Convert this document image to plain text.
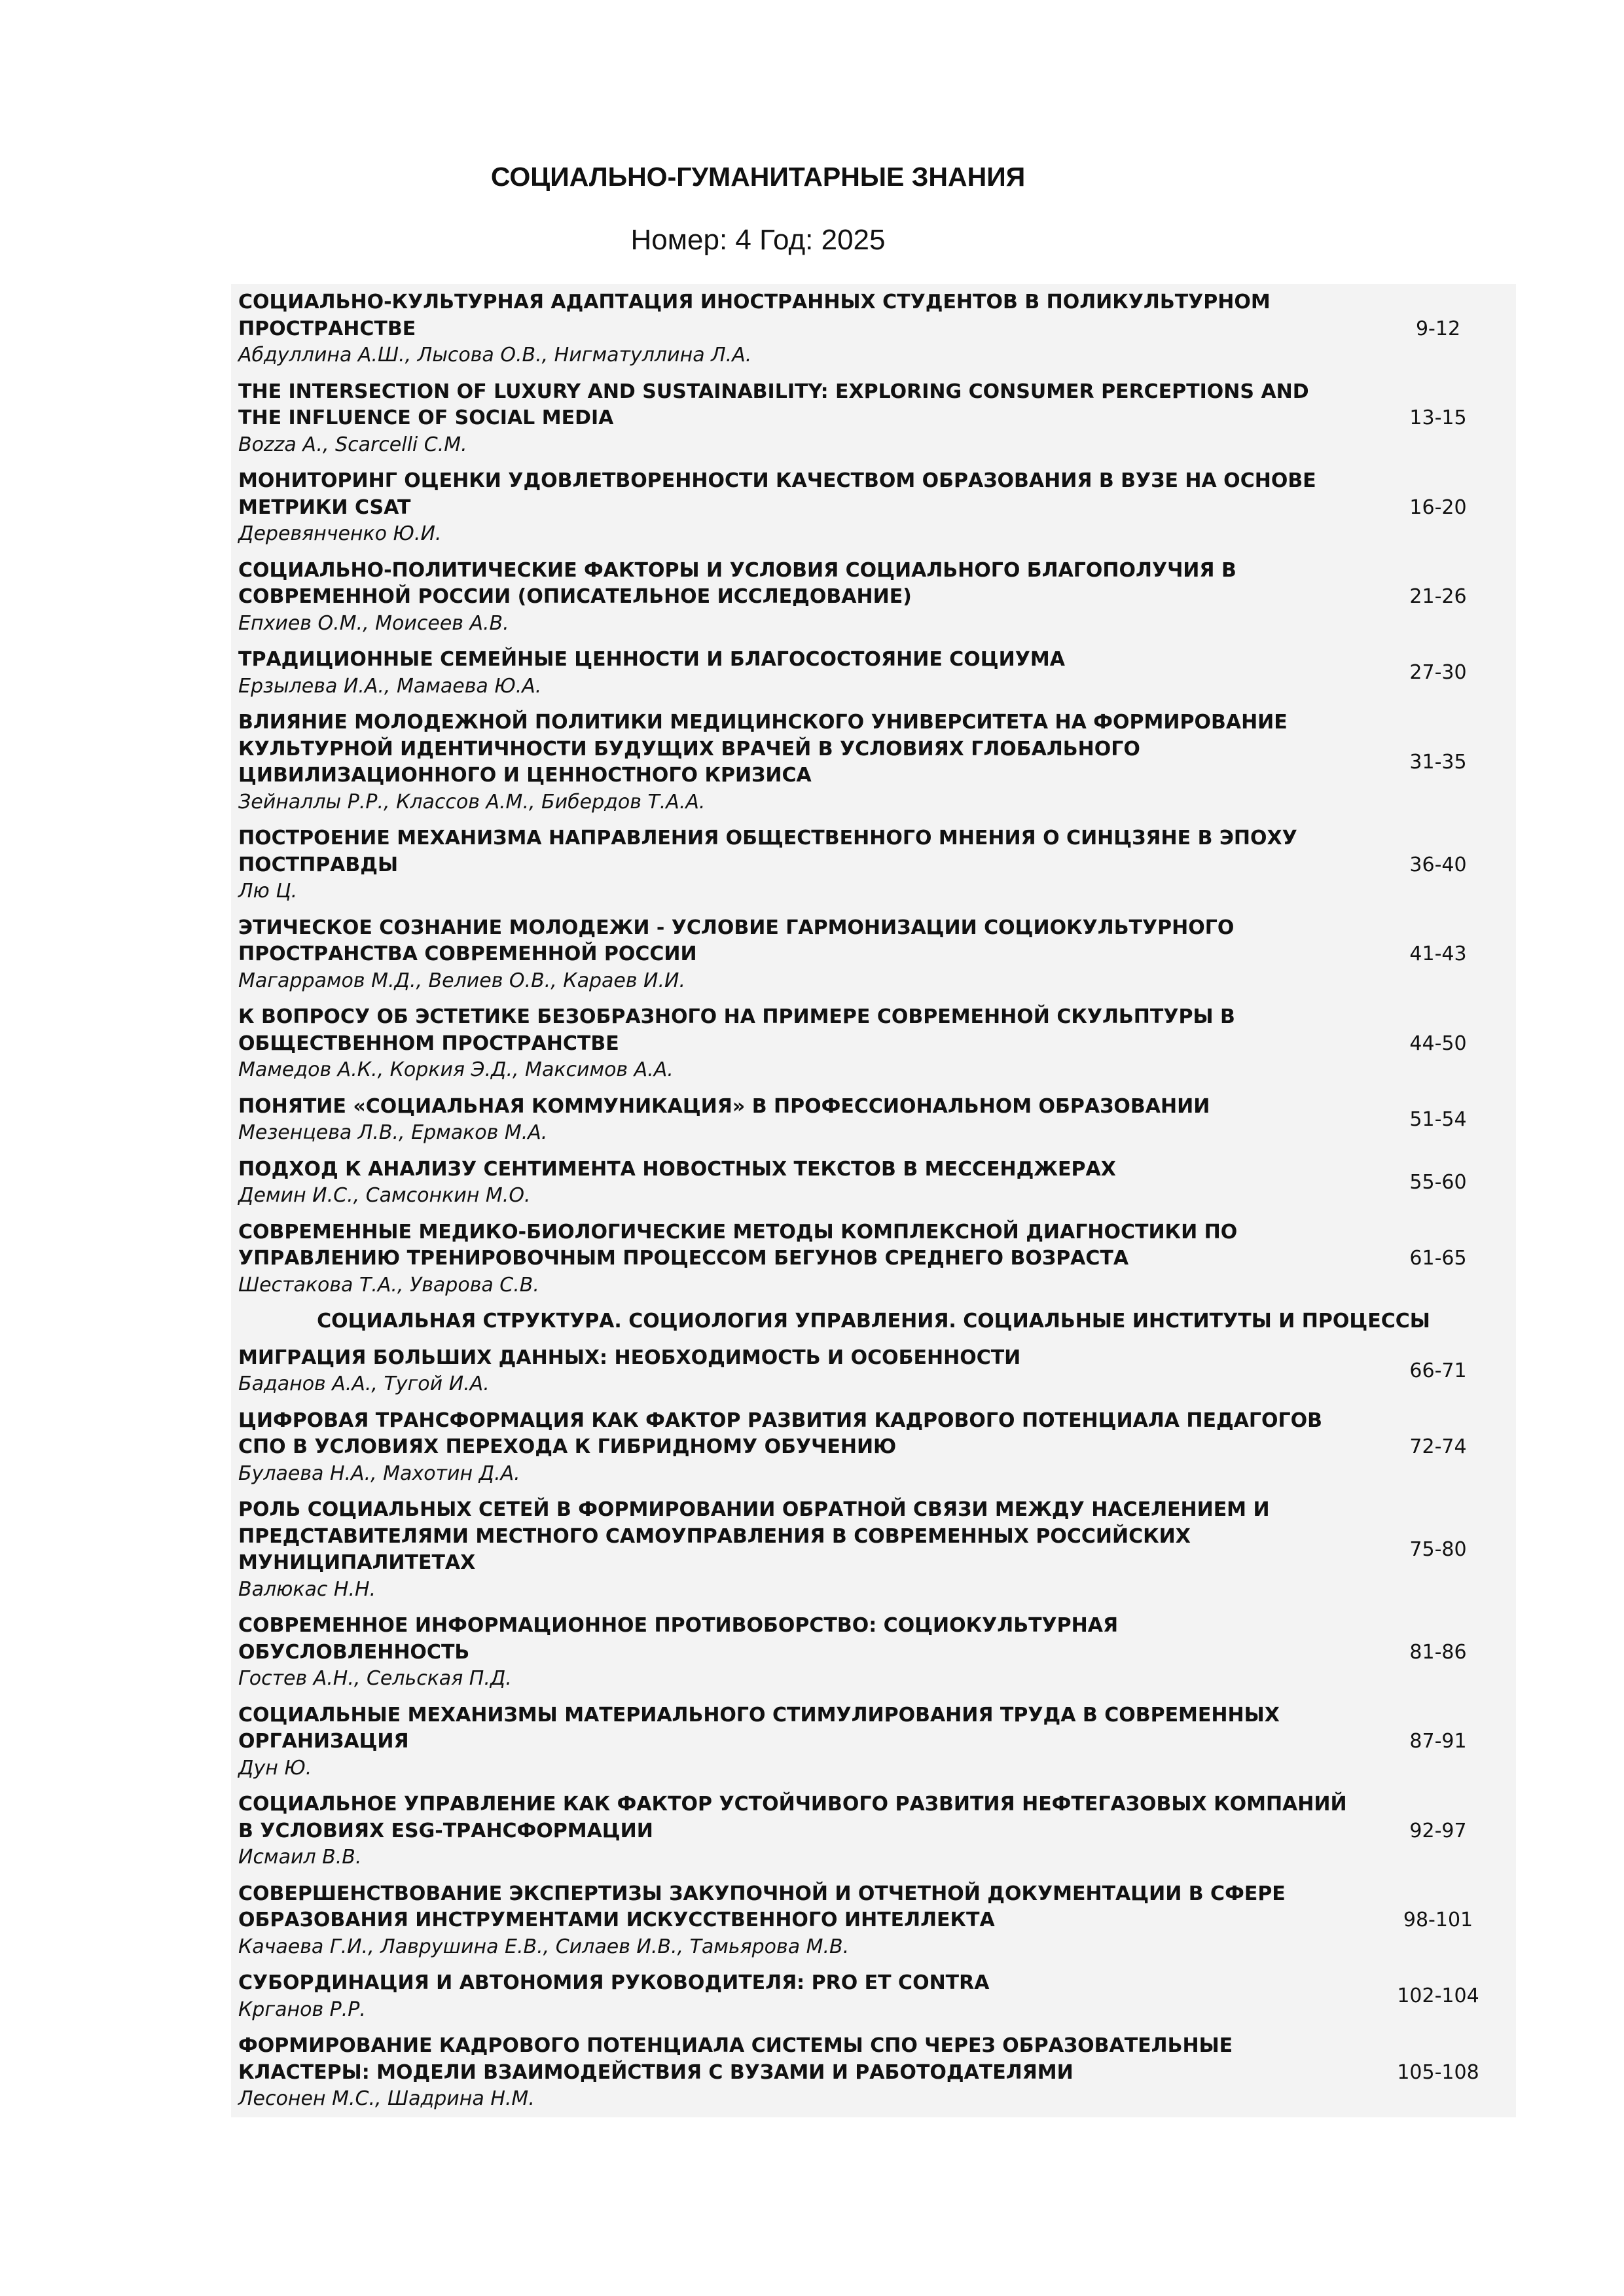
СОЦИАЛЬНО-ГУМАНИТАРНЫЕ ЗНАНИЯ
Номер: 4 Год: 2025
СОЦИАЛЬНО-КУЛЬТУРНАЯ АДАПТАЦИЯ ИНОСТРАННЫХ СТУДЕНТОВ В ПОЛИКУЛЬТУРНОМ
ПРОСТРАНСТВЕ
Абдуллина А.Ш., Лысова О.В., Нигматуллина Л.А.
9-12
THE INTERSECTION OF LUXURY AND SUSTAINABILITY: EXPLORING CONSUMER PERCEPTIONS AND
THE INFLUENCE OF SOCIAL MEDIA
Bozza A., Scarcelli C.M.
13-15
МОНИТОРИНГ ОЦЕНКИ УДОВЛЕТВОРЕННОСТИ КАЧЕСТВОМ ОБРАЗОВАНИЯ В ВУЗЕ НА ОСНОВЕ
МЕТРИКИ CSAT
Деревянченко Ю.И.
16-20
СОЦИАЛЬНО-ПОЛИТИЧЕСКИЕ ФАКТОРЫ И УСЛОВИЯ СОЦИАЛЬНОГО БЛАГОПОЛУЧИЯ В
СОВРЕМЕННОЙ РОССИИ (ОПИСАТЕЛЬНОЕ ИССЛЕДОВАНИЕ)
Епхиев О.М., Моисеев А.В.
21-26
ТРАДИЦИОННЫЕ СЕМЕЙНЫЕ ЦЕННОСТИ И БЛАГОСОСТОЯНИЕ СОЦИУМА
Ерзылева И.А., Мамаева Ю.А.
27-30
ВЛИЯНИЕ МОЛОДЕЖНОЙ ПОЛИТИКИ МЕДИЦИНСКОГО УНИВЕРСИТЕТА НА ФОРМИРОВАНИЕ
КУЛЬТУРНОЙ ИДЕНТИЧНОСТИ БУДУЩИХ ВРАЧЕЙ В УСЛОВИЯХ ГЛОБАЛЬНОГО
ЦИВИЛИЗАЦИОННОГО И ЦЕННОСТНОГО КРИЗИСА
Зейналлы Р.Р., Классов А.М., Бибердов Т.А.А.
31-35
ПОСТРОЕНИЕ МЕХАНИЗМА НАПРАВЛЕНИЯ ОБЩЕСТВЕННОГО МНЕНИЯ О СИНЦЗЯНЕ В ЭПОХУ
ПОСТПРАВДЫ
Лю Ц.
36-40
ЭТИЧЕСКОЕ СОЗНАНИЕ МОЛОДЕЖИ - УСЛОВИЕ ГАРМОНИЗАЦИИ СОЦИОКУЛЬТУРНОГО
ПРОСТРАНСТВА СОВРЕМЕННОЙ РОССИИ
Магаррамов М.Д., Велиев О.В., Караев И.И.
41-43
К ВОПРОСУ ОБ ЭСТЕТИКЕ БЕЗОБРАЗНОГО НА ПРИМЕРЕ СОВРЕМЕННОЙ СКУЛЬПТУРЫ В
ОБЩЕСТВЕННОМ ПРОСТРАНСТВЕ
Мамедов А.К., Коркия Э.Д., Максимов А.А.
44-50
ПОНЯТИЕ «СОЦИАЛЬНАЯ КОММУНИКАЦИЯ» В ПРОФЕССИОНАЛЬНОМ ОБРАЗОВАНИИ
Мезенцева Л.В., Ермаков М.А.
51-54
ПОДХОД К АНАЛИЗУ СЕНТИМЕНТА НОВОСТНЫХ ТЕКСТОВ В МЕССЕНДЖЕРАХ
Демин И.С., Самсонкин М.О.
55-60
СОВРЕМЕННЫЕ МЕДИКО-БИОЛОГИЧЕСКИЕ МЕТОДЫ КОМПЛЕКСНОЙ ДИАГНОСТИКИ ПО
УПРАВЛЕНИЮ ТРЕНИРОВОЧНЫМ ПРОЦЕССОМ БЕГУНОВ СРЕДНЕГО ВОЗРАСТА
Шестакова Т.А., Уварова С.В.
61-65
СОЦИАЛЬНАЯ СТРУКТУРА. СОЦИОЛОГИЯ УПРАВЛЕНИЯ. СОЦИАЛЬНЫЕ ИНСТИТУТЫ И ПРОЦЕССЫ
МИГРАЦИЯ БОЛЬШИХ ДАННЫХ: НЕОБХОДИМОСТЬ И ОСОБЕННОСТИ
Баданов А.А., Тугой И.А.
66-71
ЦИФРОВАЯ ТРАНСФОРМАЦИЯ КАК ФАКТОР РАЗВИТИЯ КАДРОВОГО ПОТЕНЦИАЛА ПЕДАГОГОВ
СПО В УСЛОВИЯХ ПЕРЕХОДА К ГИБРИДНОМУ ОБУЧЕНИЮ
Булаева Н.А., Махотин Д.А.
72-74
РОЛЬ СОЦИАЛЬНЫХ СЕТЕЙ В ФОРМИРОВАНИИ ОБРАТНОЙ СВЯЗИ МЕЖДУ НАСЕЛЕНИЕМ И
ПРЕДСТАВИТЕЛЯМИ МЕСТНОГО САМОУПРАВЛЕНИЯ В СОВРЕМЕННЫХ РОССИЙСКИХ
МУНИЦИПАЛИТЕТАХ
Валюкас Н.Н.
75-80
СОВРЕМЕННОЕ ИНФОРМАЦИОННОЕ ПРОТИВОБОРСТВО: СОЦИОКУЛЬТУРНАЯ
ОБУСЛОВЛЕННОСТЬ
Гостев А.Н., Сельская П.Д.
81-86
СОЦИАЛЬНЫЕ МЕХАНИЗМЫ МАТЕРИАЛЬНОГО СТИМУЛИРОВАНИЯ ТРУДА В СОВРЕМЕННЫХ
ОРГАНИЗАЦИЯ
Дун Ю.
87-91
СОЦИАЛЬНОЕ УПРАВЛЕНИЕ КАК ФАКТОР УСТОЙЧИВОГО РАЗВИТИЯ НЕФТЕГАЗОВЫХ КОМПАНИЙ
В УСЛОВИЯХ ESG-ТРАНСФОРМАЦИИ
Исмаил В.В.
92-97
СОВЕРШЕНСТВОВАНИЕ ЭКСПЕРТИЗЫ ЗАКУПОЧНОЙ И ОТЧЕТНОЙ ДОКУМЕНТАЦИИ В СФЕРЕ
ОБРАЗОВАНИЯ ИНСТРУМЕНТАМИ ИСКУССТВЕННОГО ИНТЕЛЛЕКТА
Качаева Г.И., Лаврушина Е.В., Силаев И.В., Тамьярова М.В.
98-101
СУБОРДИНАЦИЯ И АВТОНОМИЯ РУКОВОДИТЕЛЯ: PRO ET CONTRA
Крганов Р.Р.
102-104
ФОРМИРОВАНИЕ КАДРОВОГО ПОТЕНЦИАЛА СИСТЕМЫ СПО ЧЕРЕЗ ОБРАЗОВАТЕЛЬНЫЕ
КЛАСТЕРЫ: МОДЕЛИ ВЗАИМОДЕЙСТВИЯ С ВУЗАМИ И РАБОТОДАТЕЛЯМИ
Лесонен М.С., Шадрина Н.М.
105-108
